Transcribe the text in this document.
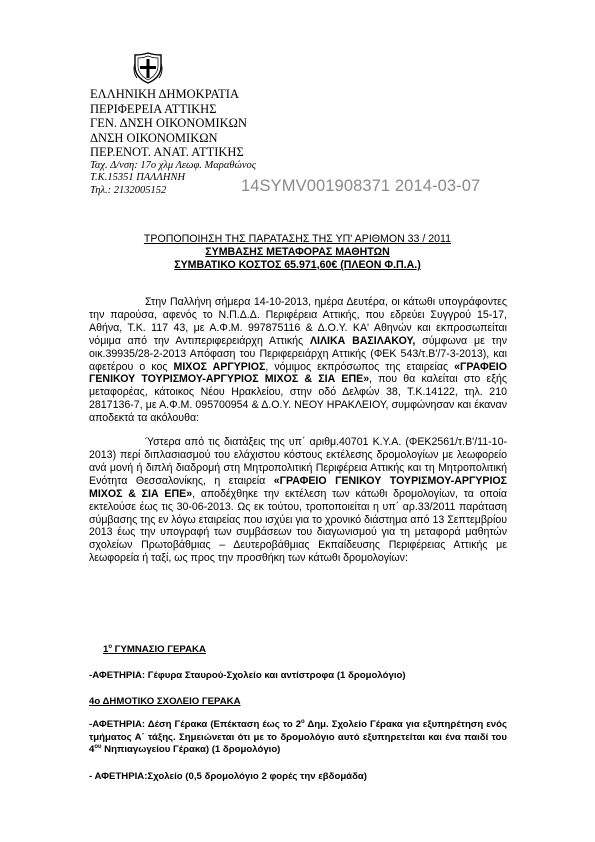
ΕΛΛΗΝΙΚΗ ΔΗΜΟΚΡΑΤΙΑ
ΠΕΡΙΦΕΡΕΙΑ ΑΤΤΙΚΗΣ
ΓΕΝ. ΔΝΣΗ ΟΙΚΟΝΟΜΙΚΩΝ
ΔΝΣΗ ΟΙΚΟΝΟΜΙΚΩΝ
ΠΕΡ.ΕΝΟΤ. ΑΝΑΤ. ΑΤΤΙΚΗΣ
Ταχ. Δ/νση: 17ο χλμ Λεωφ. Μαραθώνος
Τ.Κ.15351 ΠΑΛΛΗΝΗ
Τηλ.: 2132005152	14SYMV001908371 2014-03-07
ΤΡΟΠΟΠΟΙΗΣΗ ΤΗΣ ΠΑΡΑΤΑΣΗΣ ΤΗΣ ΥΠ' ΑΡΙΘΜΟΝ 33 / 2011
ΣΥΜΒΑΣΗΣ ΜΕΤΑΦΟΡΑΣ ΜΑΘΗΤΩΝ
ΣΥΜΒΑΤΙΚΟ ΚΟΣΤΟΣ 65.971,60€ (ΠΛΕΟΝ Φ.Π.Α.)

Στην Παλλήνη σήμερα 14-10-2013, ημέρα Δευτέρα, οι κάτωθι υπογράφοντες την παρούσα, αφενός το Ν.Π.Δ.Δ. Περιφέρεια Αττικής, που εδρεύει Συγγρού 15-17, Αθήνα, Τ.Κ. 117 43, με Α.Φ.Μ. 997875116 & Δ.Ο.Υ. ΚΑ' Αθηνών και εκπροσωπείται νόμιμα από την Αντιπεριφερειάρχη Αττικής ΛΙΛΙΚΑ ΒΑΣΙΛΑΚΟΥ, σύμφωνα με την οικ.39935/28-2-2013 Απόφαση του Περιφερειάρχη Αττικής (ΦΕΚ 543/τ.Β'/7-3-2013), και αφετέρου ο κος ΜΙΧΟΣ ΑΡΓΥΡΙΟΣ, νόμιμος εκπρόσωπος της εταιρείας «ΓΡΑΦΕΙΟ ΓΕΝΙΚΟΥ ΤΟΥΡΙΣΜΟΥ-ΑΡΓΥΡΙΟΣ ΜΙΧΟΣ & ΣΙΑ ΕΠΕ», που θα καλείται στο εξής μεταφορέας, κάτοικος Νέου Ηρακλείου, στην οδό Δελφών 38, Τ.Κ.14122, τηλ. 210 2817136-7, με Α.Φ.Μ. 095700954 & Δ.Ο.Υ. ΝΕΟΥ ΗΡΑΚΛΕΙΟΥ, συμφώνησαν και έκαναν αποδεκτά τα ακόλουθα:

Ύστερα από τις διατάξεις της υπ΄ αριθμ.40701 Κ.Υ.Α. (ΦΕΚ2561/τ.Β'/11-10-2013) περί διπλασιασμού του ελάχιστου κόστους εκτέλεσης δρομολογίων με λεωφορείο ανά μονή ή διπλή διαδρομή στη Μητροπολιτική Περιφέρεια Αττικής και τη Μητροπολιτική Ενότητα Θεσσαλονίκης, η εταιρεία «ΓΡΑΦΕΙΟ ΓΕΝΙΚΟΥ ΤΟΥΡΙΣΜΟΥ-ΑΡΓΥΡΙΟΣ ΜΙΧΟΣ & ΣΙΑ ΕΠΕ», αποδέχθηκε την εκτέλεση των κάτωθι δρομολογίων, τα οποία εκτελούσε έως τις 30-06-2013. Ως εκ τούτου, τροποποιείται η υπ΄ αρ.33/2011 παράταση σύμβασης της εν λόγω εταιρείας που ισχύει για το χρονικό διάστημα από 13 Σεπτεμβρίου 2013 έως την υπογραφή των συμβάσεων του διαγωνισμού για τη μεταφορά μαθητών σχολείων Πρωτοβάθμιας – Δευτεροβάθμιας Εκπαίδευσης Περιφέρειας Αττικής με λεωφορεία ή ταξί, ως προς την προσθήκη των κάτωθι δρομολογίων:

$1^o$ ΓΥΜΝΑΣΙΟ ΓΕΡΑΚΑ
-ΑΦΕΤΗΡΙΑ: Γέφυρα Σταυρού-Σχολείο και αντίστροφα (1 δρομολόγιο)
4ο ΔΗΜΟΤΙΚΟ ΣΧΟΛΕΙΟ ΓΕΡΑΚΑ
-ΑΦΕΤΗΡΙΑ: Δέση Γέρακα (Επέκταση έως το $2^o$ Δημ. Σχολείο Γέρακα για εξυπηρέτηση ενός τμήματος Α΄ τάξης. Σημειώνεται ότι με το δρομολόγιο αυτό εξυπηρετείται και ένα παιδί του $4^{o\upsilon}$ Νηπιαγωγείου Γέρακα) (1 δρομολόγιο)
- ΑΦΕΤΗΡΙΑ:Σχολείο (0,5 δρομολόγιο 2 φορές την εβδομάδα)
